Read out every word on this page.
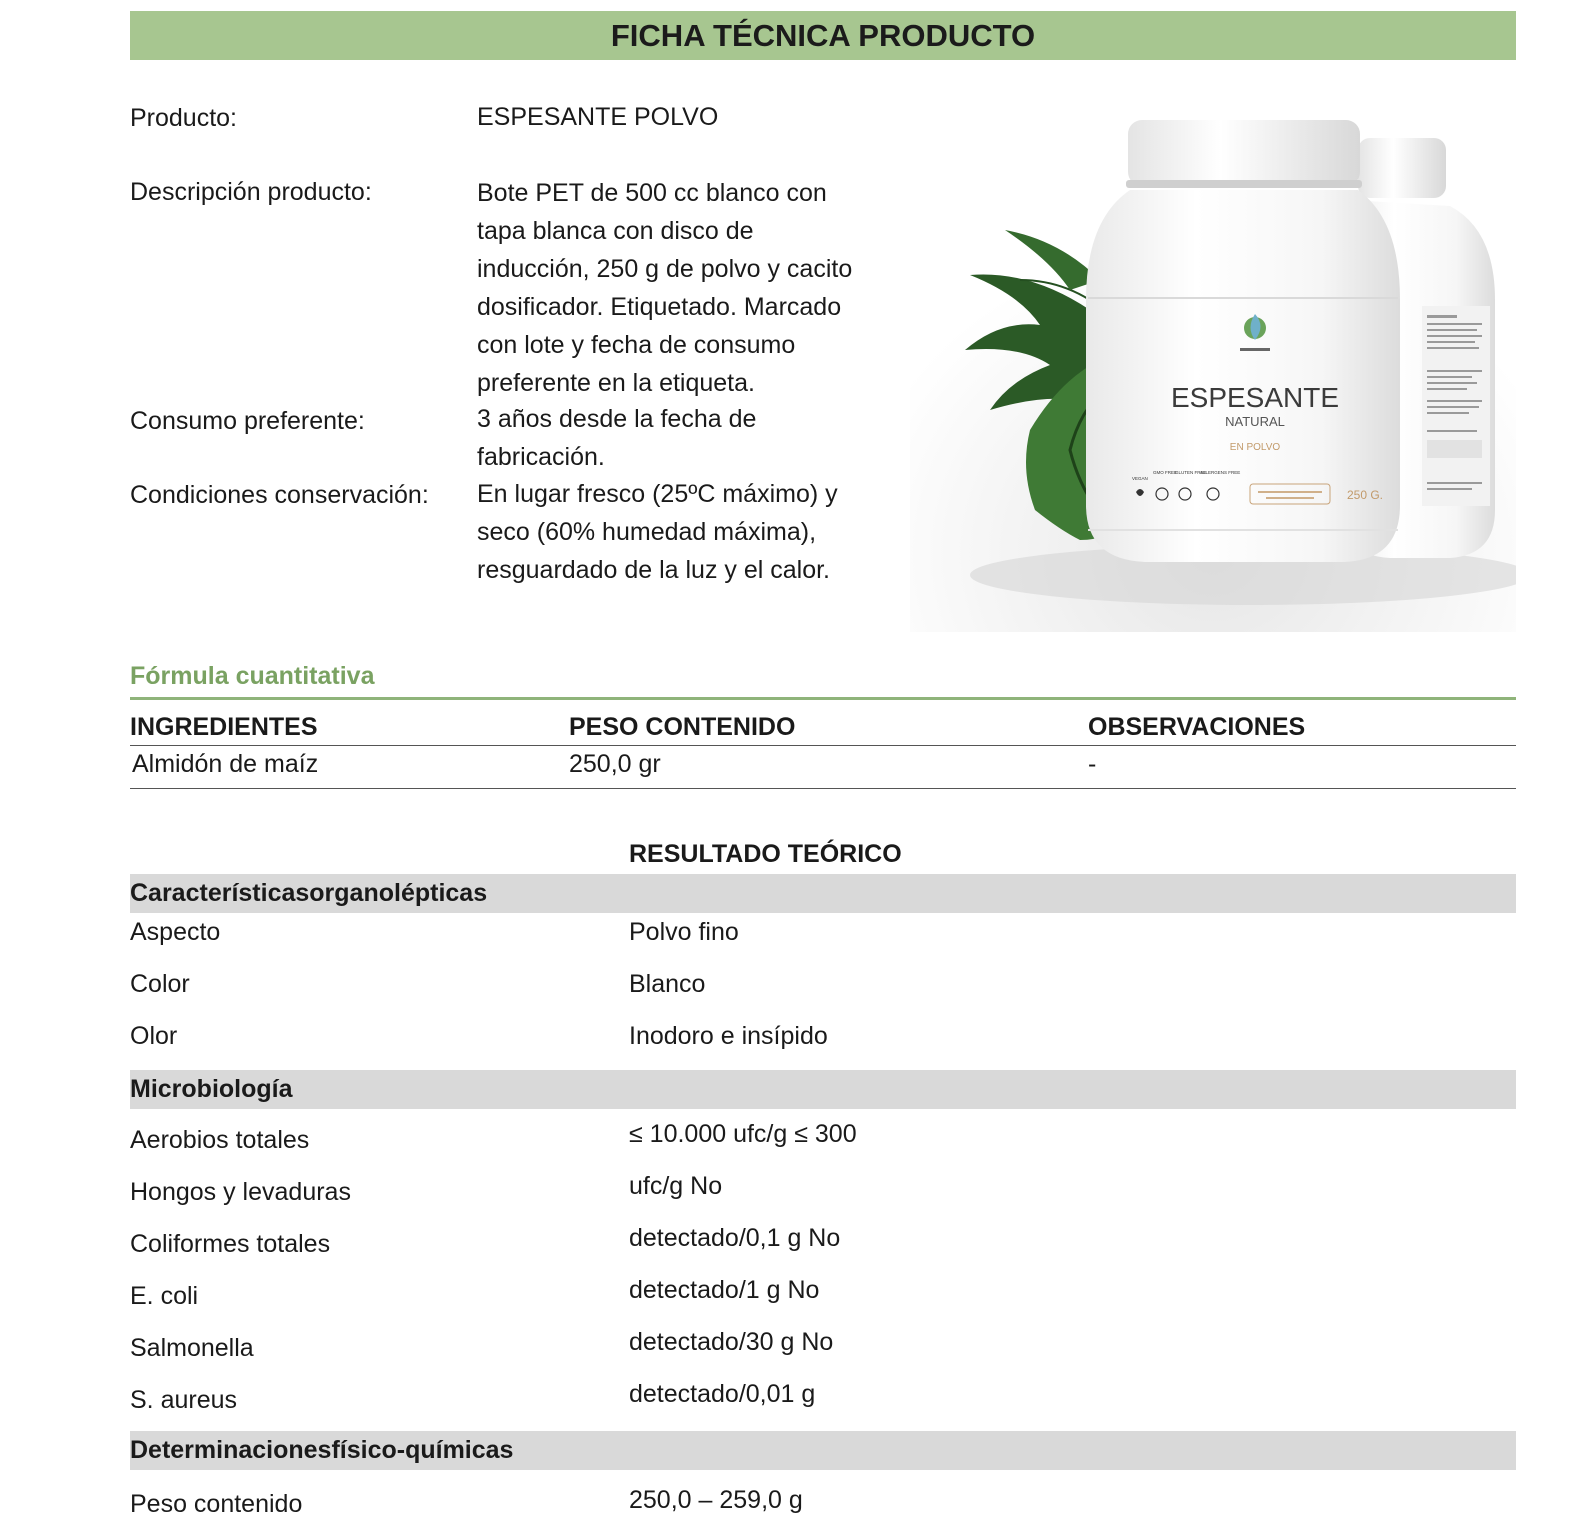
FICHA TÉCNICA PRODUCTO
Producto:	ESPESANTE POLVO
Descripción producto:	Bote PET de 500 cc blanco con
tapa blanca con disco de
inducción, 250 g de polvo y cacito
dosificador. Etiquetado. Marcado
con lote y fecha de consumo
preferente en la etiqueta.
Consumo preferente:	3 años desde la fecha de
fabricación.
Condiciones conservación: En lugar fresco (25ºC máximo) y
seco (60% humedad máxima),
resguardado de la luz y el calor.
ESPESANTE
NATURAL
EN POLVO
VEGAN
GMO FREE
GLUTEN FREE
ALLERGENS FREE
250 G.
Fórmula cuantitativa
INGREDIENTES	PESO CONTENIDO	OBSERVACIONES
Almidón de maíz	250,0 gr	-
RESULTADO TEÓRICO
Característicasorganolépticas
Aspecto	Polvo fino
Color	Blanco
Olor	Inodoro e insípido
Microbiología
Aerobios totales	≤ 10.000 ufc/g ≤ 300
Hongos y levaduras	ufc/g No
Coliformes totales	detectado/0,1 g No
E. coli	detectado/1 g No
Salmonella	detectado/30 g No
S. aureus	detectado/0,01 g
Determinacionesfísico-químicas
Peso contenido	250,0 – 259,0 g
